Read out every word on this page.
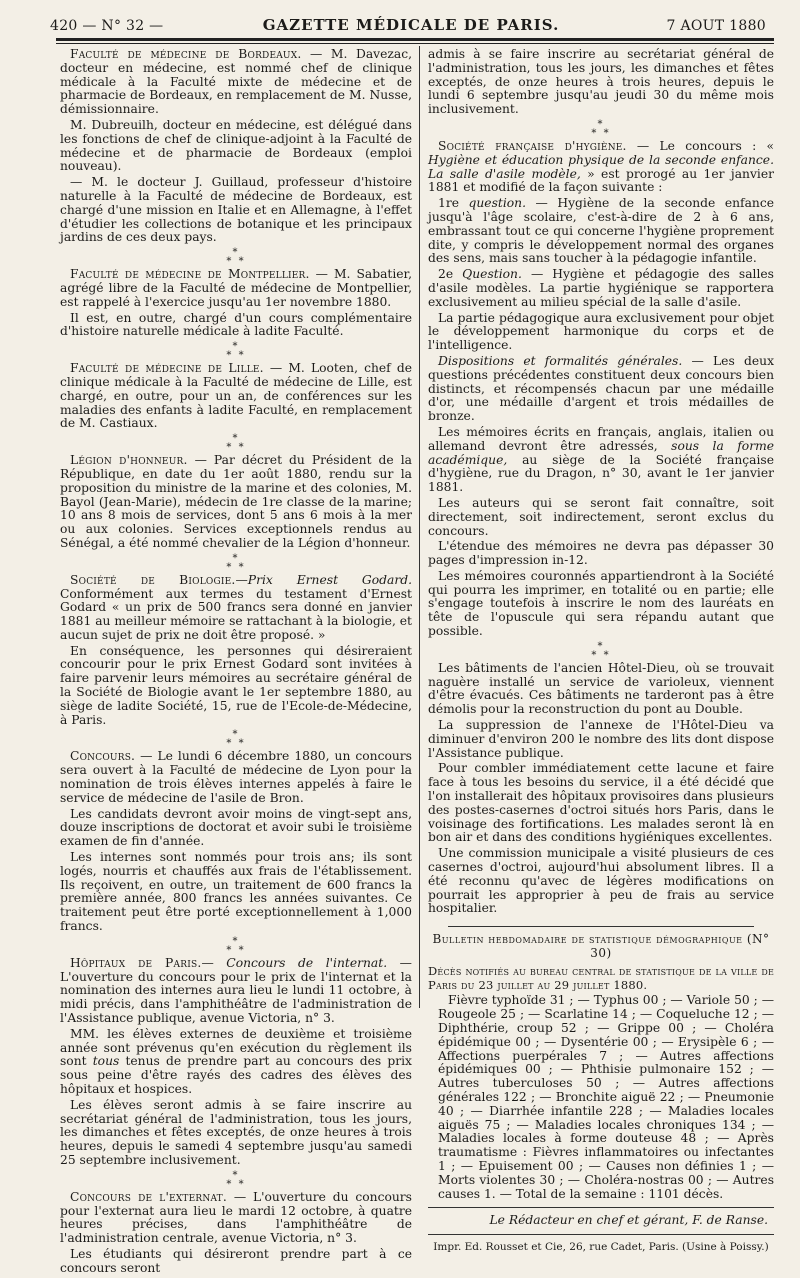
420 — N° 32 —	GAZETTE MÉDICALE DE PARIS.	7 AOUT 1880

Faculté de médecine de Bordeaux. — M. Davezac, docteur en médecine, est nommé chef de clinique médicale à la Faculté mixte de médecine et de pharmacie de Bordeaux, en remplacement de M. Nusse, démissionnaire.

M. Dubreuilh, docteur en médecine, est délégué dans les fonctions de chef de clinique-adjoint à la Faculté de médecine et de pharmacie de Bordeaux (emploi nouveau).

— M. le docteur J. Guillaud, professeur d'histoire naturelle à la Faculté de médecine de Bordeaux, est chargé d'une mission en Italie et en Allemagne, à l'effet d'étudier les collections de botanique et les principaux jardins de ces deux pays.

*
* *

Faculté de médecine de Montpellier. — M. Sabatier, agrégé libre de la Faculté de médecine de Montpellier, est rappelé à l'exercice jusqu'au 1er novembre 1880.

Il est, en outre, chargé d'un cours complémentaire d'histoire naturelle médicale à ladite Faculté.

*
* *

Faculté de médecine de Lille. — M. Looten, chef de clinique médicale à la Faculté de médecine de Lille, est chargé, en outre, pour un an, de conférences sur les maladies des enfants à ladite Faculté, en remplacement de M. Castiaux.

*
* *

Légion d'honneur. — Par décret du Président de la République, en date du 1er août 1880, rendu sur la proposition du ministre de la marine et des colonies, M. Bayol (Jean-Marie), médecin de 1re classe de la marine; 10 ans 8 mois de services, dont 5 ans 6 mois à la mer ou aux colonies. Services exceptionnels rendus au Sénégal, a été nommé chevalier de la Légion d'honneur.

*
* *

Société de Biologie.—Prix Ernest Godard. Conformément aux termes du testament d'Ernest Godard « un prix de 500 francs sera donné en janvier 1881 au meilleur mémoire se rattachant à la biologie, et aucun sujet de prix ne doit être proposé. »

En conséquence, les personnes qui désireraient concourir pour le prix Ernest Godard sont invitées à faire parvenir leurs mémoires au secrétaire général de la Société de Biologie avant le 1er septembre 1880, au siège de ladite Société, 15, rue de l'Ecole-de-Médecine, à Paris.

*
* *

Concours. — Le lundi 6 décembre 1880, un concours sera ouvert à la Faculté de médecine de Lyon pour la nomination de trois élèves internes appelés à faire le service de médecine de l'asile de Bron.

Les candidats devront avoir moins de vingt-sept ans, douze inscriptions de doctorat et avoir subi le troisième examen de fin d'année.

Les internes sont nommés pour trois ans; ils sont logés, nourris et chauffés aux frais de l'établissement. Ils reçoivent, en outre, un traitement de 600 francs la première année, 800 francs les années suivantes. Ce traitement peut être porté exceptionnellement à 1,000 francs.

*
* *

Hôpitaux de Paris.— Concours de l'internat. — L'ouverture du concours pour le prix de l'internat et la nomination des internes aura lieu le lundi 11 octobre, à midi précis, dans l'amphithéâtre de l'administration de l'Assistance publique, avenue Victoria, n° 3.

MM. les élèves externes de deuxième et troisième année sont prévenus qu'en exécution du règlement ils sont tous tenus de prendre part au concours des prix sous peine d'être rayés des cadres des élèves des hôpitaux et hospices.

Les élèves seront admis à se faire inscrire au secrétariat général de l'administration, tous les jours, les dimanches et fêtes exceptés, de onze heures à trois heures, depuis le samedi 4 septembre jusqu'au samedi 25 septembre inclusivement.

*
* *

Concours de l'externat. — L'ouverture du concours pour l'externat aura lieu le mardi 12 octobre, à quatre heures précises, dans l'amphithéâtre de l'administration centrale, avenue Victoria, n° 3.

Les étudiants qui désireront prendre part à ce concours seront

admis à se faire inscrire au secrétariat général de l'administration, tous les jours, les dimanches et fêtes exceptés, de onze heures à trois heures, depuis le lundi 6 septembre jusqu'au jeudi 30 du même mois inclusivement.

*
* *

Société française d'hygiène. — Le concours : « Hygiène et éducation physique de la seconde enfance. La salle d'asile modèle, » est prorogé au 1er janvier 1881 et modifié de la façon suivante :

1re question. — Hygiène de la seconde enfance jusqu'à l'âge scolaire, c'est-à-dire de 2 à 6 ans, embrassant tout ce qui concerne l'hygiène proprement dite, y compris le développement normal des organes des sens, mais sans toucher à la pédagogie infantile.

2e Question. — Hygiène et pédagogie des salles d'asile modèles. La partie hygiénique se rapportera exclusivement au milieu spécial de la salle d'asile.

La partie pédagogique aura exclusivement pour objet le développement harmonique du corps et de l'intelligence.

Dispositions et formalités générales. — Les deux questions précédentes constituent deux concours bien distincts, et récompensés chacun par une médaille d'or, une médaille d'argent et trois médailles de bronze.

Les mémoires écrits en français, anglais, italien ou allemand devront être adressés, sous la forme académique, au siège de la Société française d'hygiène, rue du Dragon, n° 30, avant le 1er janvier 1881.

Les auteurs qui se seront fait connaître, soit directement, soit indirectement, seront exclus du concours.

L'étendue des mémoires ne devra pas dépasser 30 pages d'impression in-12.

Les mémoires couronnés appartiendront à la Société qui pourra les imprimer, en totalité ou en partie; elle s'engage toutefois à inscrire le nom des lauréats en tête de l'opuscule qui sera répandu autant que possible.

*
* *

Les bâtiments de l'ancien Hôtel-Dieu, où se trouvait naguère installé un service de varioleux, viennent d'être évacués. Ces bâtiments ne tarderont pas à être démolis pour la reconstruction du pont au Double.

La suppression de l'annexe de l'Hôtel-Dieu va diminuer d'environ 200 le nombre des lits dont dispose l'Assistance publique.

Pour combler immédiatement cette lacune et faire face à tous les besoins du service, il a été décidé que l'on installerait des hôpitaux provisoires dans plusieurs des postes-casernes d'octroi situés hors Paris, dans le voisinage des fortifications. Les malades seront là en bon air et dans des conditions hygiéniques excellentes.

Une commission municipale a visité plusieurs de ces casernes d'octroi, aujourd'hui absolument libres. Il a été reconnu qu'avec de légères modifications on pourrait les approprier à peu de frais au service hospitalier.

Bulletin hebdomadaire de statistique démographique (N° 30)

Décès notifiés au bureau central de statistique de la ville de Paris du 23 juillet au 29 juillet 1880.

Fièvre typhoïde 31 ; — Typhus 00 ; — Variole 50 ; — Rougeole 25 ; — Scarlatine 14 ; — Coqueluche 12 ; — Diphthérie, croup 52 ; — Grippe 00 ; — Choléra épidémique 00 ; — Dysentérie 00 ; — Erysipèle 6 ; — Affections puerpérales 7 ; — Autres affections épidémiques 00 ; — Phthisie pulmonaire 152 ; — Autres tuberculoses 50 ; — Autres affections générales 122 ; — Bronchite aiguë 22 ; — Pneumonie 40 ; — Diarrhée infantile 228 ; — Maladies locales aiguës 75 ; — Maladies locales chroniques 134 ; — Maladies locales à forme douteuse 48 ; — Après traumatisme : Fièvres inflammatoires ou infectantes 1 ; — Epuisement 00 ; — Causes non définies 1 ; — Morts violentes 30 ; — Choléra-nostras 00 ; — Autres causes 1. — Total de la semaine : 1101 décès.

Le Rédacteur en chef et gérant, F. de Ranse.
Impr. Ed. Rousset et Cie, 26, rue Cadet, Paris. (Usine à Poissy.)
